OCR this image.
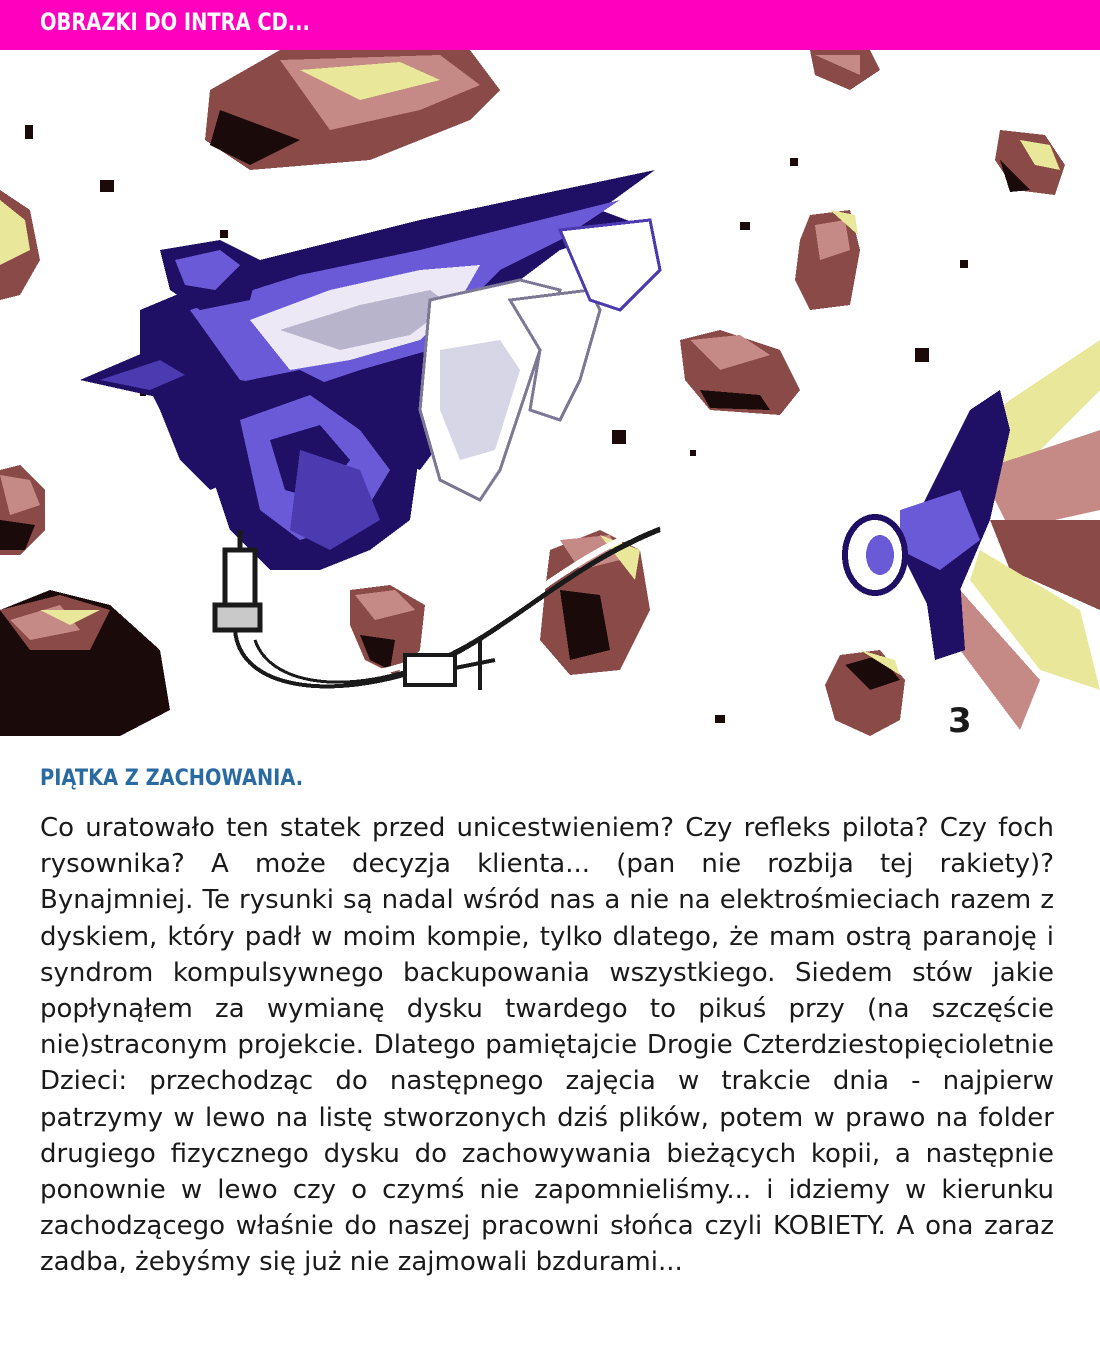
OBRAZKI DO INTRA CD...
3
PIĄTKA Z ZACHOWANIA.

Co uratowało ten statek przed unicestwieniem? Czy refleks pilota? Czy foch rysownika? A może decyzja klienta... (pan nie rozbija tej rakiety)? Bynajmniej. Te rysunki są nadal wśród nas a nie na elektrośmieciach razem z dyskiem, który padł w moim kompie, tylko dlatego, że mam ostrą paranoję i syndrom kompulsywnego backupowania wszystkiego. Siedem stów jakie popłynąłem za wymianę dysku twardego to pikuś przy (na szczęście nie)straconym projekcie. Dlatego pamiętajcie Drogie Czterdziestopięcioletnie Dzieci: przechodząc do następnego zajęcia w trakcie dnia - najpierw patrzymy w lewo na listę stworzonych dziś plików, potem w prawo na folder drugiego fizycznego dysku do zachowywania bieżących kopii, a następnie ponownie w lewo czy o czymś nie zapomnieliśmy... i idziemy w kierunku zachodzącego właśnie do naszej pracowni słońca czyli KOBIETY. A ona zaraz zadba, żebyśmy się już nie zajmowali bzdurami...
